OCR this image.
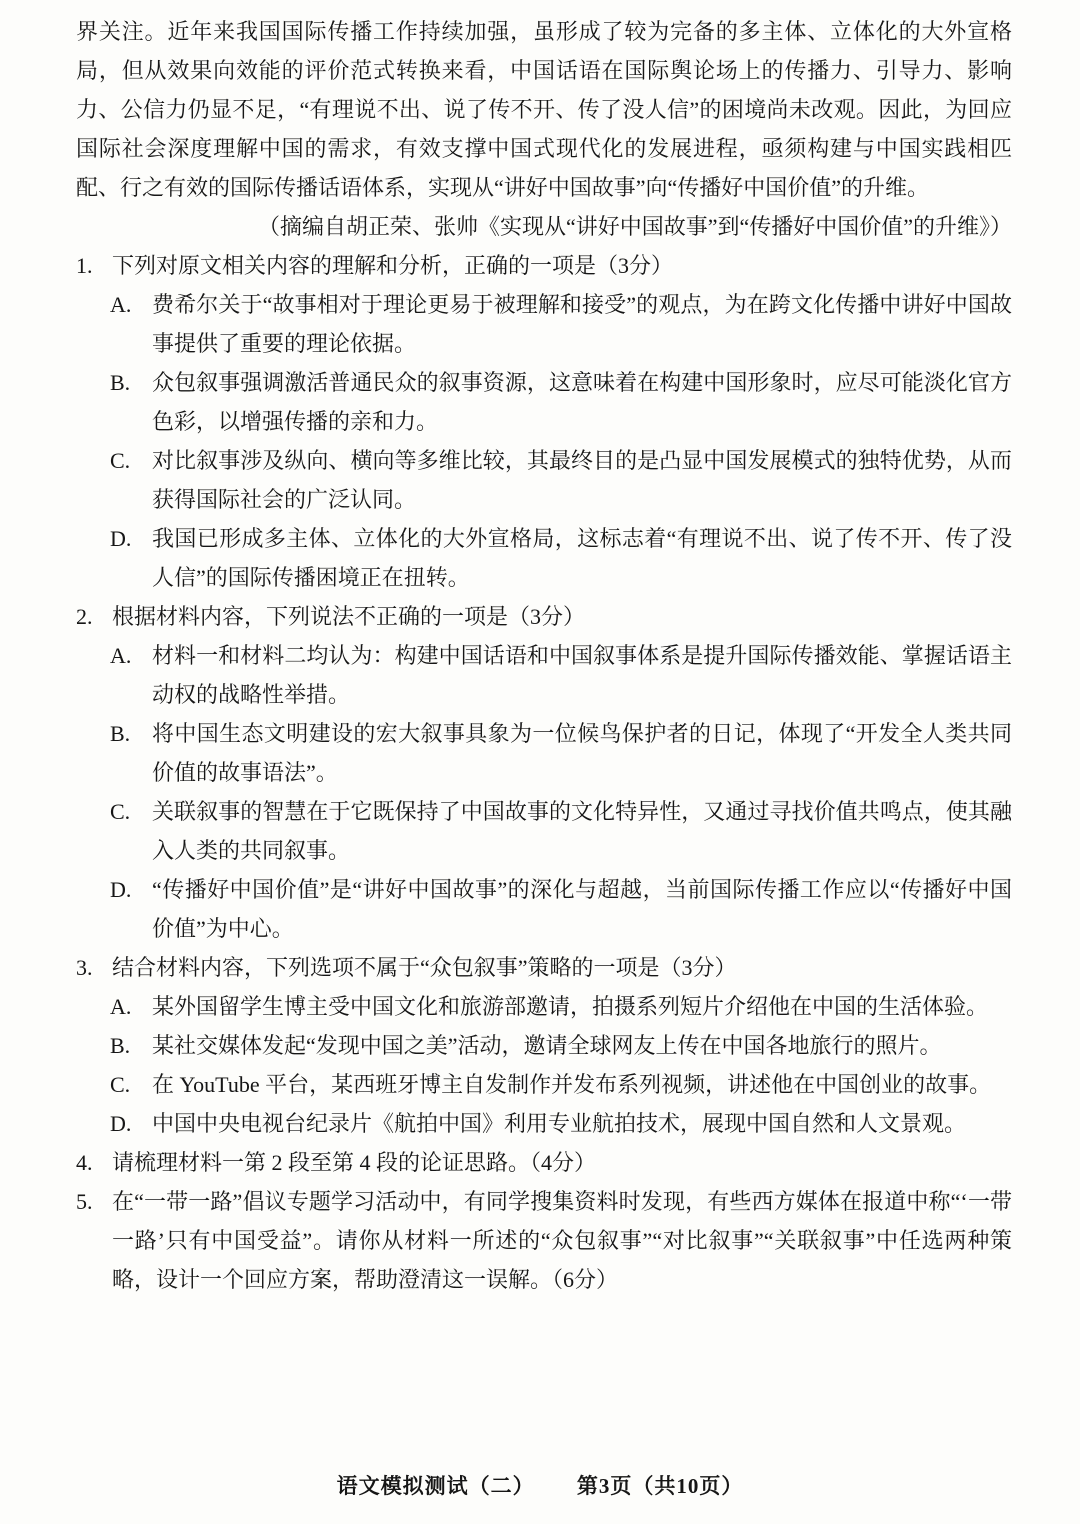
界关注。近年来我国国际传播工作持续加强，虽形成了较为完备的多主体、立体化的大外宣格局，但从效果向效能的评价范式转换来看，中国话语在国际舆论场上的传播力、引导力、影响力、公信力仍显不足，“有理说不出、说了传不开、传了没人信”的困境尚未改观。因此，为回应国际社会深度理解中国的需求，有效支撑中国式现代化的发展进程，亟须构建与中国实践相匹配、行之有效的国际传播话语体系，实现从“讲好中国故事”向“传播好中国价值”的升维。

（摘编自胡正荣、张帅《实现从“讲好中国故事”到“传播好中国价值”的升维》）

1. 下列对原文相关内容的理解和分析，正确的一项是（3分）
A. 费希尔关于“故事相对于理论更易于被理解和接受”的观点，为在跨文化传播中讲好中国故事提供了重要的理论依据。
B. 众包叙事强调激活普通民众的叙事资源，这意味着在构建中国形象时，应尽可能淡化官方色彩，以增强传播的亲和力。
C. 对比叙事涉及纵向、横向等多维比较，其最终目的是凸显中国发展模式的独特优势，从而获得国际社会的广泛认同。
D. 我国已形成多主体、立体化的大外宣格局，这标志着“有理说不出、说了传不开、传了没人信”的国际传播困境正在扭转。
2. 根据材料内容，下列说法不正确的一项是（3分）
A. 材料一和材料二均认为：构建中国话语和中国叙事体系是提升国际传播效能、掌握话语主动权的战略性举措。
B. 将中国生态文明建设的宏大叙事具象为一位候鸟保护者的日记，体现了“开发全人类共同价值的故事语法”。
C. 关联叙事的智慧在于它既保持了中国故事的文化特异性，又通过寻找价值共鸣点，使其融入人类的共同叙事。
D. “传播好中国价值”是“讲好中国故事”的深化与超越，当前国际传播工作应以“传播好中国价值”为中心。
3. 结合材料内容，下列选项不属于“众包叙事”策略的一项是（3分）
A. 某外国留学生博主受中国文化和旅游部邀请，拍摄系列短片介绍他在中国的生活体验。
B. 某社交媒体发起“发现中国之美”活动，邀请全球网友上传在中国各地旅行的照片。
C. 在 YouTube 平台，某西班牙博主自发制作并发布系列视频，讲述他在中国创业的故事。
D. 中国中央电视台纪录片《航拍中国》利用专业航拍技术，展现中国自然和人文景观。
4. 请梳理材料一第 2 段至第 4 段的论证思路。（4分）
5. 在“一带一路”倡议专题学习活动中，有同学搜集资料时发现，有些西方媒体在报道中称“‘一带一路’只有中国受益”。请你从材料一所述的“众包叙事”“对比叙事”“关联叙事”中任选两种策略，设计一个回应方案，帮助澄清这一误解。（6分）
语文模拟测试（二） 第3页（共10页）
